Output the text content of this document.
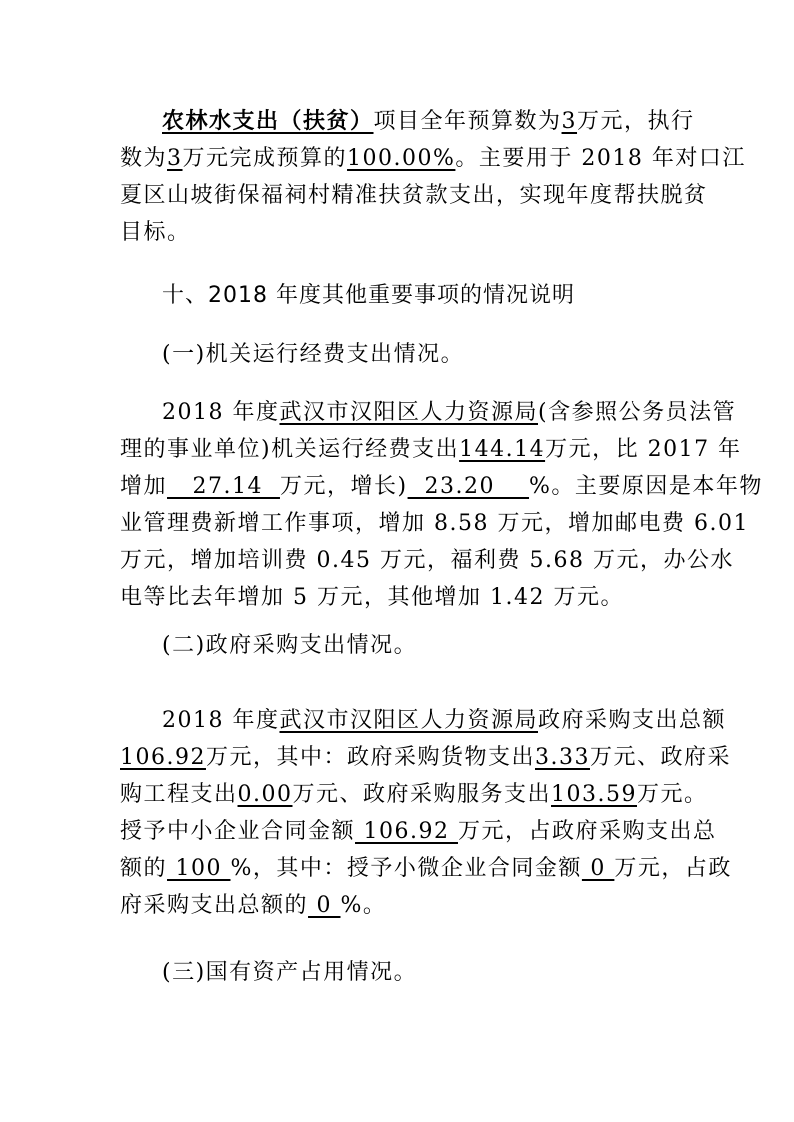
农林水支出（扶贫）项目全年预算数为3万元，执行
数为3万元完成预算的100.00%。主要用于 2018 年对口江
夏区山坡街保福祠村精准扶贫款支出，实现年度帮扶脱贫
目标。
十、2018 年度其他重要事项的情况说明
(一)机关运行经费支出情况。
2018 年度武汉市汉阳区人力资源局(含参照公务员法管
理的事业单位)机关运行经费支出144.14万元，比 2017 年
增加   27.14  万元，增长)  23.20    %。主要原因是本年物
业管理费新增工作事项，增加 8.58 万元，增加邮电费 6.01
万元，增加培训费 0.45 万元，福利费 5.68 万元，办公水
电等比去年增加 5 万元，其他增加 1.42 万元。
(二)政府采购支出情况。
2018 年度武汉市汉阳区人力资源局政府采购支出总额
106.92万元，其中：政府采购货物支出3.33万元、政府采
购工程支出0.00万元、政府采购服务支出103.59万元。
授予中小企业合同金额 106.92 万元，占政府采购支出总
额的 100 %，其中：授予小微企业合同金额 0 万元，占政
府采购支出总额的 0 %。
(三)国有资产占用情况。
